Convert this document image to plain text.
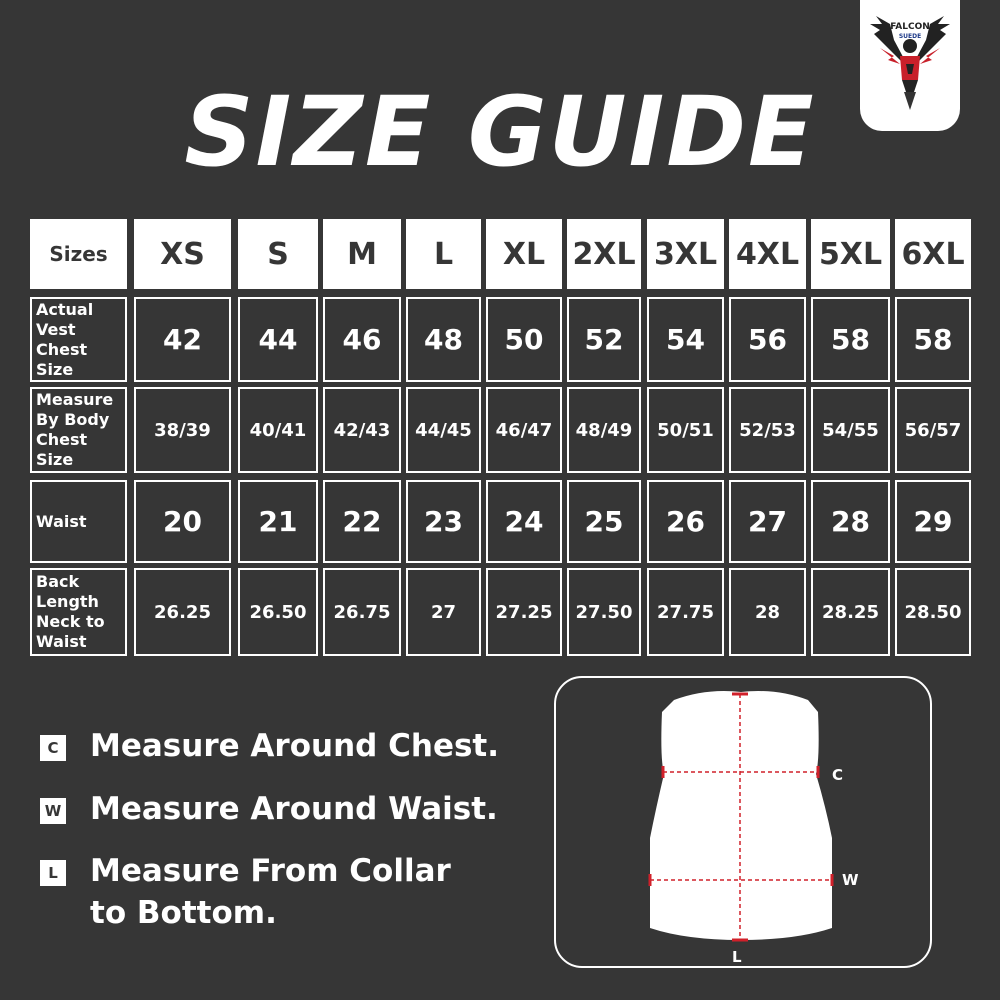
FALCON
SUEDE
SIZE GUIDE
Sizes	XS	S	M	L	XL 2XL 3XL 4XL 5XL 6XL
Actual Vest Chest Size
42	44	46	48	50	52	54	56	58	58
Measure By Body Chest Size
38/39	40/41	42/43	44/45	46/47	48/49	50/51	52/53	54/55	56/57
Waist	20	21	22	23	24	25	26	27	28	29
Back Length Neck to Waist
26.25	26.50	26.75	27	27.25	27.50	27.75	28	28.25	28.50
C Measure Around Chest.
W Measure Around Waist.
L Measure From Collar
to Bottom.
C
W
L
